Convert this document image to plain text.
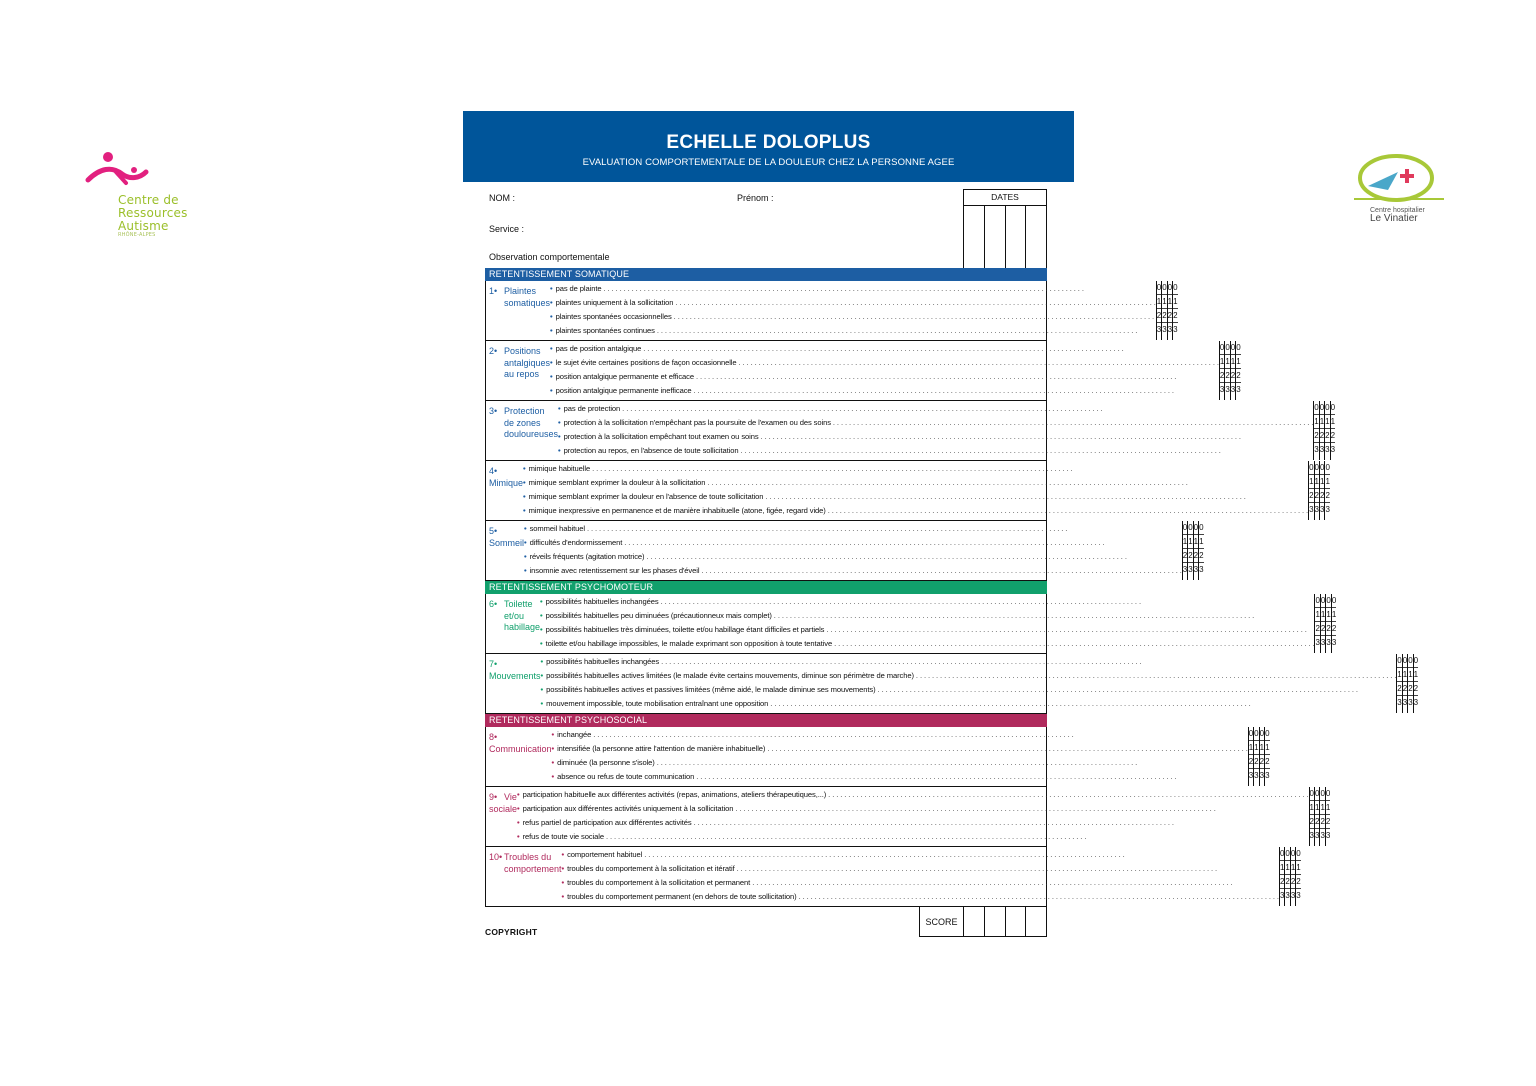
Centre de
Ressources
Autisme
RHÔNE-ALPES
Centre hospitalier
Le Vinatier
ECHELLE DOLOPLUS
EVALUATION COMPORTEMENTALE DE LA DOULEUR CHEZ LA PERSONNE AGEE
NOM :	Prénom :
Service :
Observation comportementale
DATES
RETENTISSEMENT SOMATIQUE
1• Plaintes
somatiques
• pas de plainte . . . . . . . . . . . . . . . . . . . . . . . . . . . . . . . . . . . . . . . . . . . . . . . . . . . . . . . . . . . . . . . . . . . . . . . . . . . . . . . . . . . . . . . . . . . . . . . . . . . . . . . . . . . . . . . . . . . . . . . .
• plaintes uniquement à la sollicitation . . . . . . . . . . . . . . . . . . . . . . . . . . . . . . . . . . . . . . . . . . . . . . . . . . . . . . . . . . . . . . . . . . . . . . . . . . . . . . . . . . . . . . . . . . . . . . . . . . . . . . . . . . . . . . . . . . . . . . . .
• plaintes spontanées occasionnelles . . . . . . . . . . . . . . . . . . . . . . . . . . . . . . . . . . . . . . . . . . . . . . . . . . . . . . . . . . . . . . . . . . . . . . . . . . . . . . . . . . . . . . . . . . . . . . . . . . . . . . . . . . . . . . . . . . . . . . . .
• plaintes spontanées continues . . . . . . . . . . . . . . . . . . . . . . . . . . . . . . . . . . . . . . . . . . . . . . . . . . . . . . . . . . . . . . . . . . . . . . . . . . . . . . . . . . . . . . . . . . . . . . . . . . . . . . . . . . . . . . . . . . . . . . . .
0
1
2
3
0
1
2
3
0
1
2
3
0
1
2
3
2• Positions
antalgiques
au repos
• pas de position antalgique . . . . . . . . . . . . . . . . . . . . . . . . . . . . . . . . . . . . . . . . . . . . . . . . . . . . . . . . . . . . . . . . . . . . . . . . . . . . . . . . . . . . . . . . . . . . . . . . . . . . . . . . . . . . . . . . . . . . . . . .
• le sujet évite certaines positions de façon occasionnelle . . . . . . . . . . . . . . . . . . . . . . . . . . . . . . . . . . . . . . . . . . . . . . . . . . . . . . . . . . . . . . . . . . . . . . . . . . . . . . . . . . . . . . . . . . . . . . . . . . . . . . . . . . . . . . . . . . . . . . . .
• position antalgique permanente et efficace . . . . . . . . . . . . . . . . . . . . . . . . . . . . . . . . . . . . . . . . . . . . . . . . . . . . . . . . . . . . . . . . . . . . . . . . . . . . . . . . . . . . . . . . . . . . . . . . . . . . . . . . . . . . . . . . . . . . . . . .
• position antalgique permanente inefficace . . . . . . . . . . . . . . . . . . . . . . . . . . . . . . . . . . . . . . . . . . . . . . . . . . . . . . . . . . . . . . . . . . . . . . . . . . . . . . . . . . . . . . . . . . . . . . . . . . . . . . . . . . . . . . . . . . . . . . . .
0
1
2
3
0
1
2
3
0
1
2
3
0
1
2
3
3• Protection
de zones
douloureuses
• pas de protection . . . . . . . . . . . . . . . . . . . . . . . . . . . . . . . . . . . . . . . . . . . . . . . . . . . . . . . . . . . . . . . . . . . . . . . . . . . . . . . . . . . . . . . . . . . . . . . . . . . . . . . . . . . . . . . . . . . . . . . .
• protection à la sollicitation n'empêchant pas la poursuite de l'examen ou des soins . . . . . . . . . . . . . . . . . . . . . . . . . . . . . . . . . . . . . . . . . . . . . . . . . . . . . . . . . . . . . . . . . . . . . . . . . . . . . . . . . . . . . . . . . . . . . . . . . . . . . . . . . . . . . . . . . . . . . . . .
• protection à la sollicitation empêchant tout examen ou soins . . . . . . . . . . . . . . . . . . . . . . . . . . . . . . . . . . . . . . . . . . . . . . . . . . . . . . . . . . . . . . . . . . . . . . . . . . . . . . . . . . . . . . . . . . . . . . . . . . . . . . . . . . . . . . . . . . . . . . . .
• protection au repos, en l'absence de toute sollicitation . . . . . . . . . . . . . . . . . . . . . . . . . . . . . . . . . . . . . . . . . . . . . . . . . . . . . . . . . . . . . . . . . . . . . . . . . . . . . . . . . . . . . . . . . . . . . . . . . . . . . . . . . . . . . . . . . . . . . . . .
0
1
2
3
0
1
2
3
0
1
2
3
0
1
2
3
4•Mimique
• mimique habituelle . . . . . . . . . . . . . . . . . . . . . . . . . . . . . . . . . . . . . . . . . . . . . . . . . . . . . . . . . . . . . . . . . . . . . . . . . . . . . . . . . . . . . . . . . . . . . . . . . . . . . . . . . . . . . . . . . . . . . . . .
• mimique semblant exprimer la douleur à la sollicitation . . . . . . . . . . . . . . . . . . . . . . . . . . . . . . . . . . . . . . . . . . . . . . . . . . . . . . . . . . . . . . . . . . . . . . . . . . . . . . . . . . . . . . . . . . . . . . . . . . . . . . . . . . . . . . . . . . . . . . . .
• mimique semblant exprimer la douleur en l'absence de toute sollicitation . . . . . . . . . . . . . . . . . . . . . . . . . . . . . . . . . . . . . . . . . . . . . . . . . . . . . . . . . . . . . . . . . . . . . . . . . . . . . . . . . . . . . . . . . . . . . . . . . . . . . . . . . . . . . . . . . . . . . . . .
• mimique inexpressive en permanence et de manière inhabituelle (atone, figée, regard vide) . . . . . . . . . . . . . . . . . . . . . . . . . . . . . . . . . . . . . . . . . . . . . . . . . . . . . . . . . . . . . . . . . . . . . . . . . . . . . . . . . . . . . . . . . . . . . . . . . . . . . . . . . . . . . . . . . . . . . . . .
0
1
2
3
0
1
2
3
0
1
2
3
0
1
2
3
5•Sommeil
• sommeil habituel . . . . . . . . . . . . . . . . . . . . . . . . . . . . . . . . . . . . . . . . . . . . . . . . . . . . . . . . . . . . . . . . . . . . . . . . . . . . . . . . . . . . . . . . . . . . . . . . . . . . . . . . . . . . . . . . . . . . . . . .
• difficultés d'endormissement . . . . . . . . . . . . . . . . . . . . . . . . . . . . . . . . . . . . . . . . . . . . . . . . . . . . . . . . . . . . . . . . . . . . . . . . . . . . . . . . . . . . . . . . . . . . . . . . . . . . . . . . . . . . . . . . . . . . . . . .
• réveils fréquents (agitation motrice) . . . . . . . . . . . . . . . . . . . . . . . . . . . . . . . . . . . . . . . . . . . . . . . . . . . . . . . . . . . . . . . . . . . . . . . . . . . . . . . . . . . . . . . . . . . . . . . . . . . . . . . . . . . . . . . . . . . . . . . .
• insomnie avec retentissement sur les phases d'éveil . . . . . . . . . . . . . . . . . . . . . . . . . . . . . . . . . . . . . . . . . . . . . . . . . . . . . . . . . . . . . . . . . . . . . . . . . . . . . . . . . . . . . . . . . . . . . . . . . . . . . . . . . . . . . . . . . . . . . . . .
0
1
2
3
0
1
2
3
0
1
2
3
0
1
2
3
RETENTISSEMENT PSYCHOMOTEUR
6• Toilette
et/ou
habillage
• possibilités habituelles inchangées . . . . . . . . . . . . . . . . . . . . . . . . . . . . . . . . . . . . . . . . . . . . . . . . . . . . . . . . . . . . . . . . . . . . . . . . . . . . . . . . . . . . . . . . . . . . . . . . . . . . . . . . . . . . . . . . . . . . . . . .
• possibilités habituelles peu diminuées (précautionneux mais complet) . . . . . . . . . . . . . . . . . . . . . . . . . . . . . . . . . . . . . . . . . . . . . . . . . . . . . . . . . . . . . . . . . . . . . . . . . . . . . . . . . . . . . . . . . . . . . . . . . . . . . . . . . . . . . . . . . . . . . . . .
• possibilités habituelles très diminuées, toilette et/ou habillage étant difficiles et partiels . . . . . . . . . . . . . . . . . . . . . . . . . . . . . . . . . . . . . . . . . . . . . . . . . . . . . . . . . . . . . . . . . . . . . . . . . . . . . . . . . . . . . . . . . . . . . . . . . . . . . . . . . . . . . . . . . . . . . . . .
• toilette et/ou habillage impossibles, le malade exprimant son opposition à toute tentative . . . . . . . . . . . . . . . . . . . . . . . . . . . . . . . . . . . . . . . . . . . . . . . . . . . . . . . . . . . . . . . . . . . . . . . . . . . . . . . . . . . . . . . . . . . . . . . . . . . . . . . . . . . . . . . . . . . . . . . .
0
1
2
3
0
1
2
3
0
1
2
3
0
1
2
3
7•Mouvements
• possibilités habituelles inchangées . . . . . . . . . . . . . . . . . . . . . . . . . . . . . . . . . . . . . . . . . . . . . . . . . . . . . . . . . . . . . . . . . . . . . . . . . . . . . . . . . . . . . . . . . . . . . . . . . . . . . . . . . . . . . . . . . . . . . . . .
• possibilités habituelles actives limitées (le malade évite certains mouvements, diminue son périmètre de marche) . . . . . . . . . . . . . . . . . . . . . . . . . . . . . . . . . . . . . . . . . . . . . . . . . . . . . . . . . . . . . . . . . . . . . . . . . . . . . . . . . . . . . . . . . . . . . . . . . . . . . . . . . . . . . . . . . . . . . . . .
• possibilités habituelles actives et passives limitées (même aidé, le malade diminue ses mouvements) . . . . . . . . . . . . . . . . . . . . . . . . . . . . . . . . . . . . . . . . . . . . . . . . . . . . . . . . . . . . . . . . . . . . . . . . . . . . . . . . . . . . . . . . . . . . . . . . . . . . . . . . . . . . . . . . . . . . . . . .
• mouvement impossible, toute mobilisation entraînant une opposition . . . . . . . . . . . . . . . . . . . . . . . . . . . . . . . . . . . . . . . . . . . . . . . . . . . . . . . . . . . . . . . . . . . . . . . . . . . . . . . . . . . . . . . . . . . . . . . . . . . . . . . . . . . . . . . . . . . . . . . .
0
1
2
3
0
1
2
3
0
1
2
3
0
1
2
3
RETENTISSEMENT PSYCHOSOCIAL
8•Communication
• inchangée . . . . . . . . . . . . . . . . . . . . . . . . . . . . . . . . . . . . . . . . . . . . . . . . . . . . . . . . . . . . . . . . . . . . . . . . . . . . . . . . . . . . . . . . . . . . . . . . . . . . . . . . . . . . . . . . . . . . . . . .
• intensifiée (la personne attire l'attention de manière inhabituelle) . . . . . . . . . . . . . . . . . . . . . . . . . . . . . . . . . . . . . . . . . . . . . . . . . . . . . . . . . . . . . . . . . . . . . . . . . . . . . . . . . . . . . . . . . . . . . . . . . . . . . . . . . . . . . . . . . . . . . . . .
• diminuée (la personne s'isole) . . . . . . . . . . . . . . . . . . . . . . . . . . . . . . . . . . . . . . . . . . . . . . . . . . . . . . . . . . . . . . . . . . . . . . . . . . . . . . . . . . . . . . . . . . . . . . . . . . . . . . . . . . . . . . . . . . . . . . . .
• absence ou refus de toute communication . . . . . . . . . . . . . . . . . . . . . . . . . . . . . . . . . . . . . . . . . . . . . . . . . . . . . . . . . . . . . . . . . . . . . . . . . . . . . . . . . . . . . . . . . . . . . . . . . . . . . . . . . . . . . . . . . . . . . . . .
0
1
2
3
0
1
2
3
0
1
2
3
0
1
2
3
9• Vie sociale
• participation habituelle aux différentes activités (repas, animations, ateliers thérapeutiques,...) . . . . . . . . . . . . . . . . . . . . . . . . . . . . . . . . . . . . . . . . . . . . . . . . . . . . . . . . . . . . . . . . . . . . . . . . . . . . . . . . . . . . . . . . . . . . . . . . . . . . . . . . . . . . . . . . . . . . . . . .
• participation aux différentes activités uniquement à la sollicitation . . . . . . . . . . . . . . . . . . . . . . . . . . . . . . . . . . . . . . . . . . . . . . . . . . . . . . . . . . . . . . . . . . . . . . . . . . . . . . . . . . . . . . . . . . . . . . . . . . . . . . . . . . . . . . . . . . . . . . . .
• refus partiel de participation aux différentes activités . . . . . . . . . . . . . . . . . . . . . . . . . . . . . . . . . . . . . . . . . . . . . . . . . . . . . . . . . . . . . . . . . . . . . . . . . . . . . . . . . . . . . . . . . . . . . . . . . . . . . . . . . . . . . . . . . . . . . . . .
• refus de toute vie sociale . . . . . . . . . . . . . . . . . . . . . . . . . . . . . . . . . . . . . . . . . . . . . . . . . . . . . . . . . . . . . . . . . . . . . . . . . . . . . . . . . . . . . . . . . . . . . . . . . . . . . . . . . . . . . . . . . . . . . . . .
0
1
2
3
0
1
2
3
0
1
2
3
0
1
2
3
10• Troubles du
comportement
• comportement habituel . . . . . . . . . . . . . . . . . . . . . . . . . . . . . . . . . . . . . . . . . . . . . . . . . . . . . . . . . . . . . . . . . . . . . . . . . . . . . . . . . . . . . . . . . . . . . . . . . . . . . . . . . . . . . . . . . . . . . . . .
• troubles du comportement à la sollicitation et itératif . . . . . . . . . . . . . . . . . . . . . . . . . . . . . . . . . . . . . . . . . . . . . . . . . . . . . . . . . . . . . . . . . . . . . . . . . . . . . . . . . . . . . . . . . . . . . . . . . . . . . . . . . . . . . . . . . . . . . . . .
• troubles du comportement à la sollicitation et permanent . . . . . . . . . . . . . . . . . . . . . . . . . . . . . . . . . . . . . . . . . . . . . . . . . . . . . . . . . . . . . . . . . . . . . . . . . . . . . . . . . . . . . . . . . . . . . . . . . . . . . . . . . . . . . . . . . . . . . . . .
• troubles du comportement permanent (en dehors de toute sollicitation) . . . . . . . . . . . . . . . . . . . . . . . . . . . . . . . . . . . . . . . . . . . . . . . . . . . . . . . . . . . . . . . . . . . . . . . . . . . . . . . . . . . . . . . . . . . . . . . . . . . . . . . . . . . . . . . . . . . . . . . .
0
1
2
3
0
1
2
3
0
1
2
3
0
1
2
3
COPYRIGHT
SCORE
